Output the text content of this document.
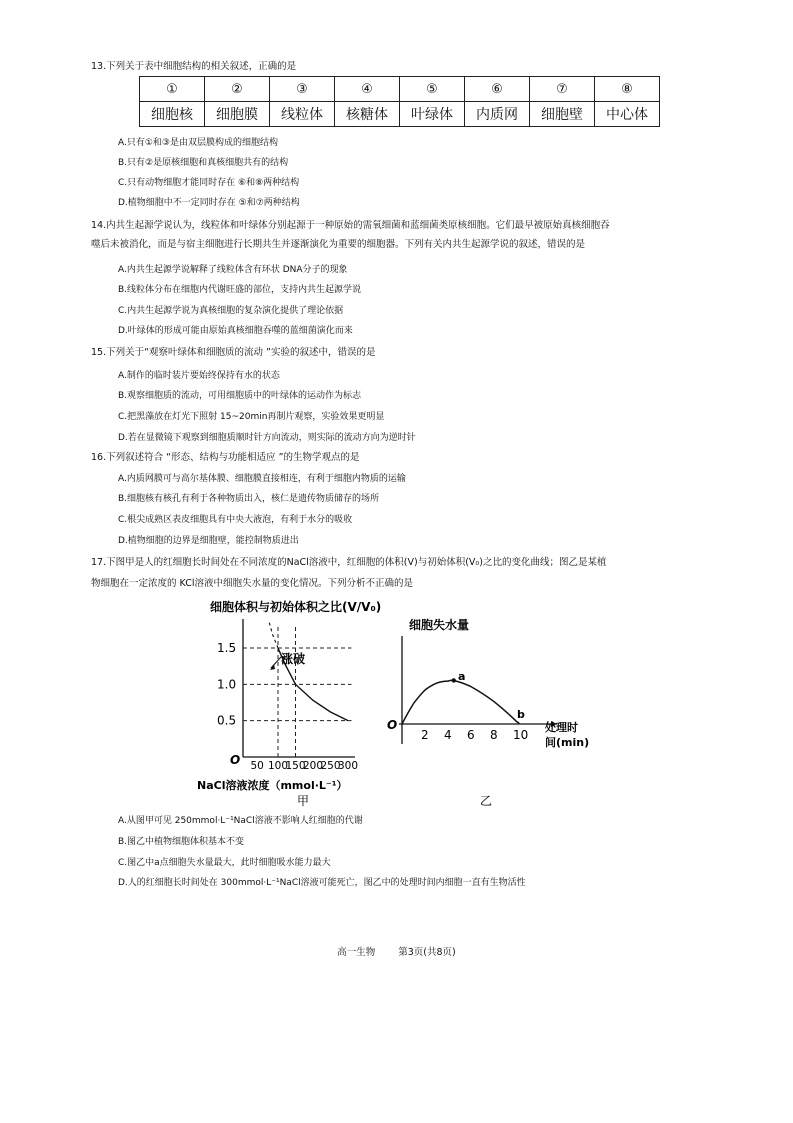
13.下列关于表中细胞结构的相关叙述，正确的是
①	②	③	④	⑤	⑥	⑦	⑧
细胞核	细胞膜	线粒体	核糖体	叶绿体	内质网	细胞壁	中心体
A.只有①和③是由双层膜构成的细胞结构
B.只有②是原核细胞和真核细胞共有的结构
C.只有动物细胞才能同时存在 ⑥和⑧两种结构
D.植物细胞中不一定同时存在 ⑤和⑦两种结构
14.内共生起源学说认为，线粒体和叶绿体分别起源于一种原始的需氧细菌和蓝细菌类原核细胞。它们最早被原始真核细胞吞
噬后未被消化，而是与宿主细胞进行长期共生并逐渐演化为重要的细胞器。下列有关内共生起源学说的叙述，错误的是
A.内共生起源学说解释了线粒体含有环状 DNA分子的现象
B.线粒体分布在细胞内代谢旺盛的部位，支持内共生起源学说
C.内共生起源学说为真核细胞的复杂演化提供了理论依据
D.叶绿体的形成可能由原始真核细胞吞噬的蓝细菌演化而来
15.下列关于“观察叶绿体和细胞质的流动 ”实验的叙述中，错误的是
A.制作的临时装片要始终保持有水的状态
B.观察细胞质的流动，可用细胞质中的叶绿体的运动作为标志
C.把黑藻放在灯光下照射 15~20min再制片观察，实验效果更明显
D.若在显微镜下观察到细胞质顺时针方向流动，则实际的流动方向为逆时针
16.下列叙述符合 “形态、结构与功能相适应 ”的生物学观点的是
A.内质网膜可与高尔基体膜、细胞膜直接相连，有利于细胞内物质的运输
B.细胞核有核孔有利于各种物质出入，核仁是遗传物质储存的场所
C.根尖成熟区表皮细胞具有中央大液泡，有利于水分的吸收
D.植物细胞的边界是细胞壁，能控制物质进出
17.下图甲是人的红细胞长时间处在不同浓度的NaCl溶液中，红细胞的体积(V)与初始体积(V₀)之比的变化曲线；图乙是某植
物细胞在一定浓度的 KCl溶液中细胞失水量的变化情况。下列分析不正确的是
细胞体积与初始体积之比(V/V₀)
0.5
1.0
1.5
50 100
150
200
250
300
涨破
O
NaCl溶液浓度（mmol·L⁻¹）
甲
细胞失水量
2 4 6 8 10
O
a
b
处理时
间(min)
乙
A.从图甲可见 250mmol·L⁻¹NaCl溶液不影响人红细胞的代谢
B.图乙中植物细胞体积基本不变
C.图乙中a点细胞失水量最大，此时细胞吸水能力最大
D.人的红细胞长时间处在 300mmol·L⁻¹NaCl溶液可能死亡，图乙中的处理时间内细胞一直有生物活性
高一生物 第3页(共8页)
